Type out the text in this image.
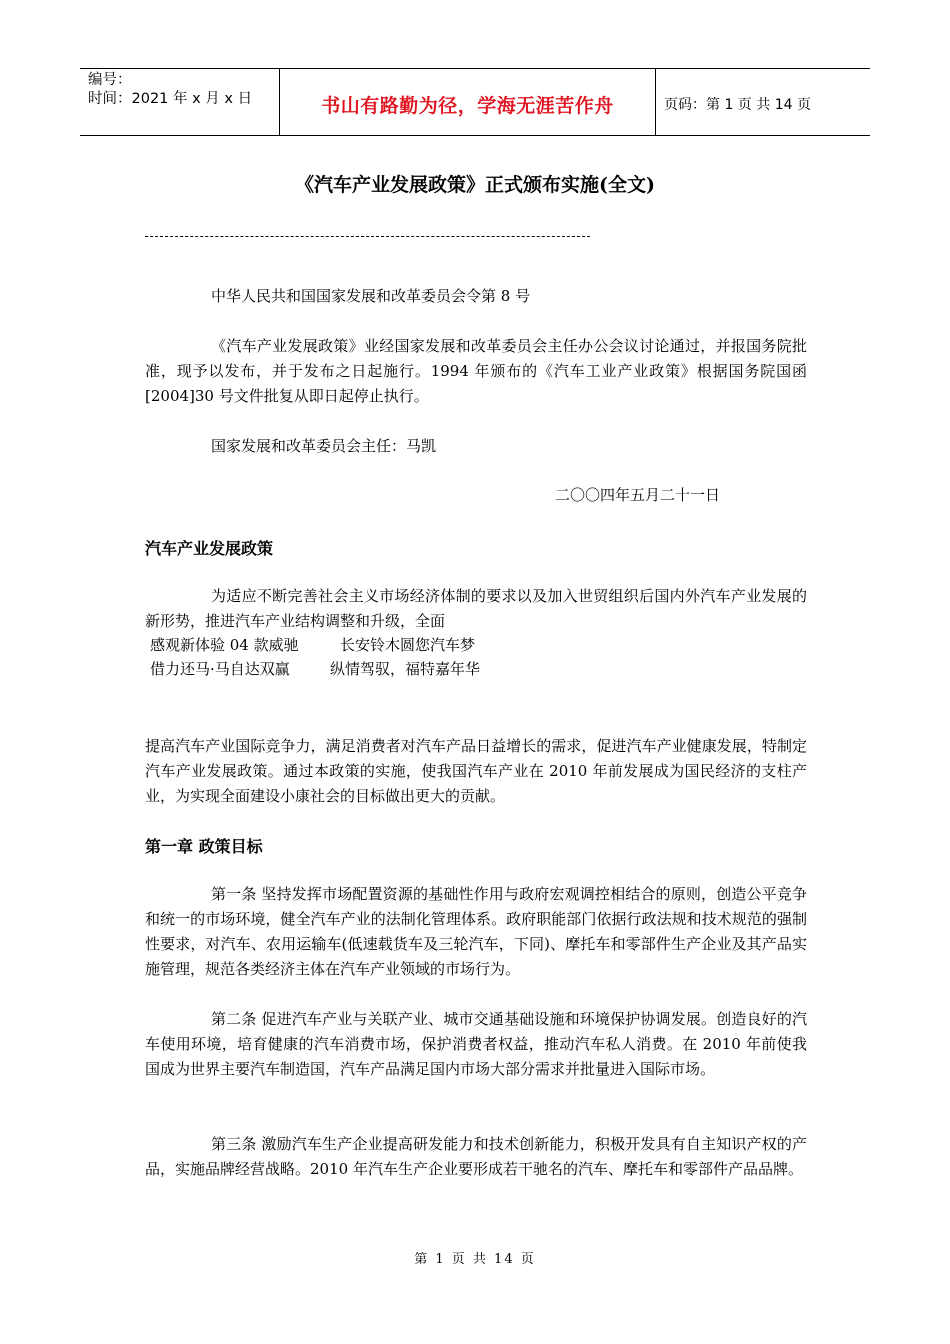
编号：
时间：2021 年 x 月 x 日	书山有路勤为径，学海无涯苦作舟	页码：第 1 页 共 14 页
《汽车产业发展政策》正式颁布实施(全文)
中华人民共和国国家发展和改革委员会令第 8 号
《汽车产业发展政策》业经国家发展和改革委员会主任办公会议讨论通过，并报国务院批准，现予以发布，并于发布之日起施行。1994 年颁布的《汽车工业产业政策》根据国务院国函[2004]30 号文件批复从即日起停止执行。
国家发展和改革委员会主任：马凯
二〇〇四年五月二十一日
汽车产业发展政策
为适应不断完善社会主义市场经济体制的要求以及加入世贸组织后国内外汽车产业发展的新形势，推进汽车产业结构调整和升级，全面
感观新体验 04 款威驰	长安铃木圆您汽车梦
借力还马·马自达双赢	纵情驾驭，福特嘉年华
提高汽车产业国际竞争力，满足消费者对汽车产品日益增长的需求，促进汽车产业健康发展，特制定汽车产业发展政策。通过本政策的实施，使我国汽车产业在 2010 年前发展成为国民经济的支柱产业，为实现全面建设小康社会的目标做出更大的贡献。
第一章 政策目标
第一条 坚持发挥市场配置资源的基础性作用与政府宏观调控相结合的原则，创造公平竞争和统一的市场环境，健全汽车产业的法制化管理体系。政府职能部门依据行政法规和技术规范的强制性要求，对汽车、农用运输车(低速载货车及三轮汽车，下同)、摩托车和零部件生产企业及其产品实施管理，规范各类经济主体在汽车产业领域的市场行为。
第二条 促进汽车产业与关联产业、城市交通基础设施和环境保护协调发展。创造良好的汽车使用环境，培育健康的汽车消费市场，保护消费者权益，推动汽车私人消费。在 2010 年前使我国成为世界主要汽车制造国，汽车产品满足国内市场大部分需求并批量进入国际市场。
第三条 激励汽车生产企业提高研发能力和技术创新能力，积极开发具有自主知识产权的产品，实施品牌经营战略。2010 年汽车生产企业要形成若干驰名的汽车、摩托车和零部件产品品牌。
第 1 页 共 14 页
